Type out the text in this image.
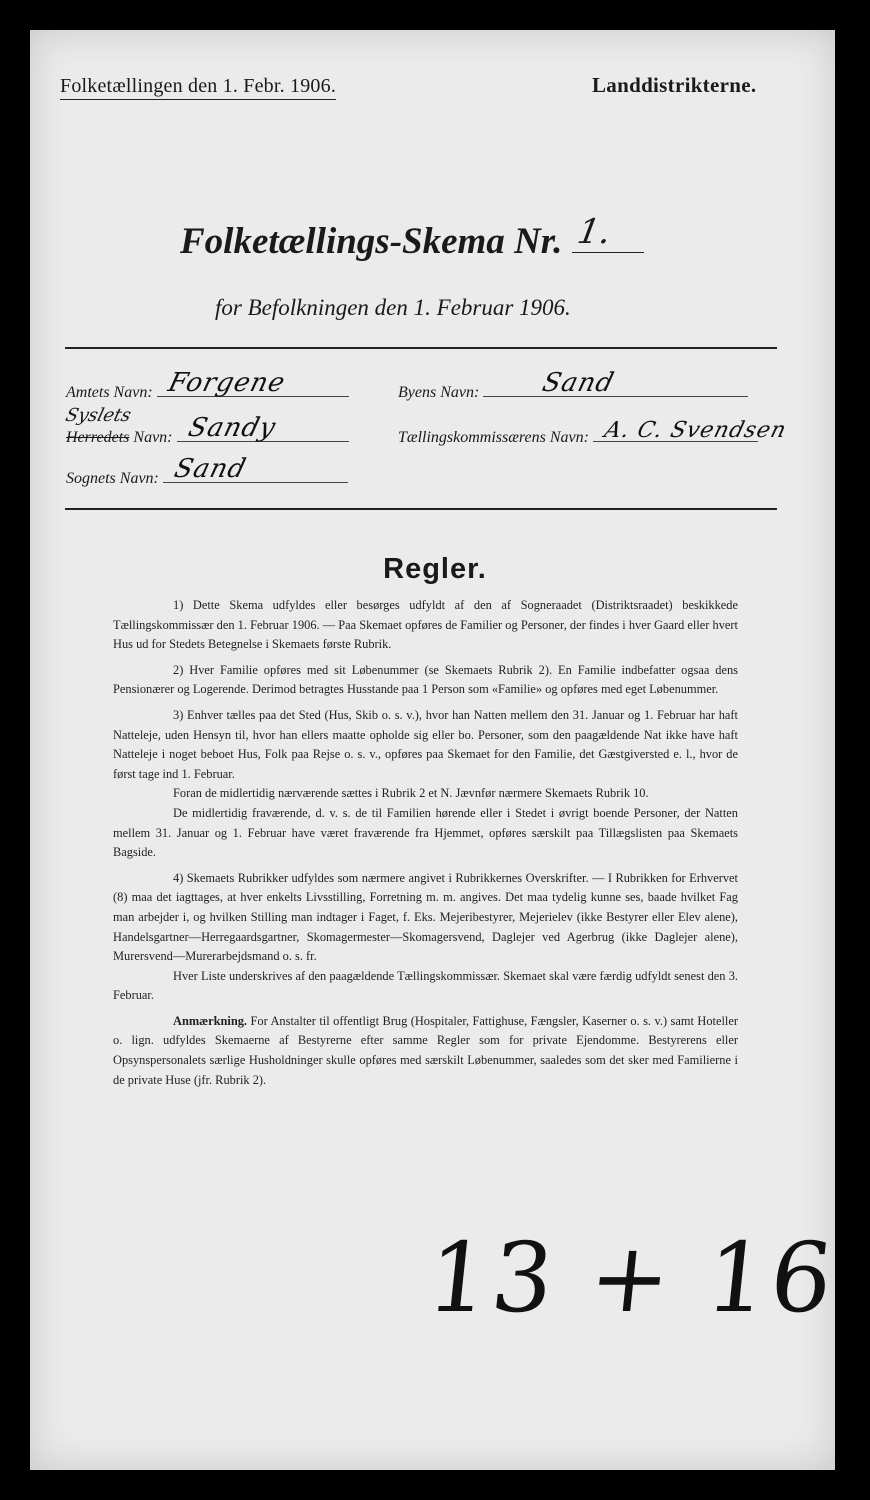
Folketællingen den 1. Febr. 1906.	Landdistrikterne.
Folketællings-Skema Nr. 1.
for Befolkningen den 1. Februar 1906.
Amtets Navn: Forgene
Syslets
Herredets Navn: Sandy
Sognets Navn: Sand
Byens Navn: Sand
Tællingskommissærens Navn: A. C. Svendsen
Regler.

1) Dette Skema udfyldes eller besørges udfyldt af den af Sogneraadet (Distriktsraadet) beskikkede Tællingskommissær den 1. Februar 1906. — Paa Skemaet opføres de Familier og Personer, der findes i hver Gaard eller hvert Hus ud for Stedets Betegnelse i Skemaets første Rubrik.

2) Hver Familie opføres med sit Løbenummer (se Skemaets Rubrik 2). En Familie indbefatter ogsaa dens Pensionærer og Logerende. Derimod betragtes Husstande paa 1 Person som «Familie» og opføres med eget Løbenummer.

3) Enhver tælles paa det Sted (Hus, Skib o. s. v.), hvor han Natten mellem den 31. Januar og 1. Februar har haft Natteleje, uden Hensyn til, hvor han ellers maatte opholde sig eller bo. Personer, som den paagældende Nat ikke have haft Natteleje i noget beboet Hus, Folk paa Rejse o. s. v., opføres paa Skemaet for den Familie, det Gæstgiversted e. l., hvor de først tage ind 1. Februar.

Foran de midlertidig nærværende sættes i Rubrik 2 et N. Jævnfør nærmere Skemaets Rubrik 10.

De midlertidig fraværende, d. v. s. de til Familien hørende eller i Stedet i øvrigt boende Personer, der Natten mellem 31. Januar og 1. Februar have været fraværende fra Hjemmet, opføres særskilt paa Tillægslisten paa Skemaets Bagside.

4) Skemaets Rubrikker udfyldes som nærmere angivet i Rubrikkernes Overskrifter. — I Rubrikken for Erhvervet (8) maa det iagttages, at hver enkelts Livsstilling, Forretning m. m. angives. Det maa tydelig kunne ses, baade hvilket Fag man arbejder i, og hvilken Stilling man indtager i Faget, f. Eks. Mejeribestyrer, Mejerielev (ikke Bestyrer eller Elev alene), Handelsgartner—Herregaardsgartner, Skomagermester—Skomagersvend, Daglejer ved Agerbrug (ikke Daglejer alene), Murersvend—Murerarbejdsmand o. s. fr.

Hver Liste underskrives af den paagældende Tællingskommissær. Skemaet skal være færdig udfyldt senest den 3. Februar.

Anmærkning. For Anstalter til offentligt Brug (Hospitaler, Fattighuse, Fængsler, Kaserner o. s. v.) samt Hoteller o. lign. udfyldes Skemaerne af Bestyrerne efter samme Regler som for private Ejendomme. Bestyrerens eller Opsynspersonalets særlige Husholdninger skulle opføres med særskilt Løbenummer, saaledes som det sker med Familierne i de private Huse (jfr. Rubrik 2).

13 + 16
